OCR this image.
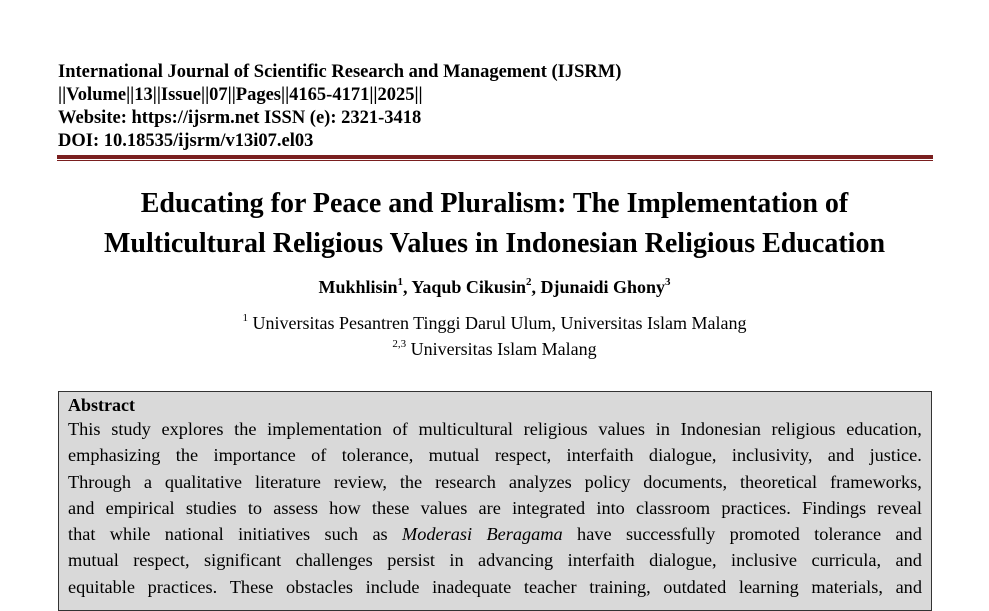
International Journal of Scientific Research and Management (IJSRM)
||Volume||13||Issue||07||Pages||4165-4171||2025||
Website: https://ijsrm.net ISSN (e): 2321-3418
DOI: 10.18535/ijsrm/v13i07.el03
Educating for Peace and Pluralism: The Implementation of
Multicultural Religious Values in Indonesian Religious Education
Mukhlisin$^1$, Yaqub Cikusin$^2$, Djunaidi Ghony$^3$
$^1$ Universitas Pesantren Tinggi Darul Ulum, Universitas Islam Malang
$^{2,3}$ Universitas Islam Malang
Abstract
This study explores the implementation of multicultural religious values in Indonesian religious education,
emphasizing the importance of tolerance, mutual respect, interfaith dialogue, inclusivity, and justice.
Through a qualitative literature review, the research analyzes policy documents, theoretical frameworks,
and empirical studies to assess how these values are integrated into classroom practices. Findings reveal
that while national initiatives such as Moderasi Beragama have successfully promoted tolerance and
mutual respect, significant challenges persist in advancing interfaith dialogue, inclusive curricula, and
equitable practices. These obstacles include inadequate teacher training, outdated learning materials, and
